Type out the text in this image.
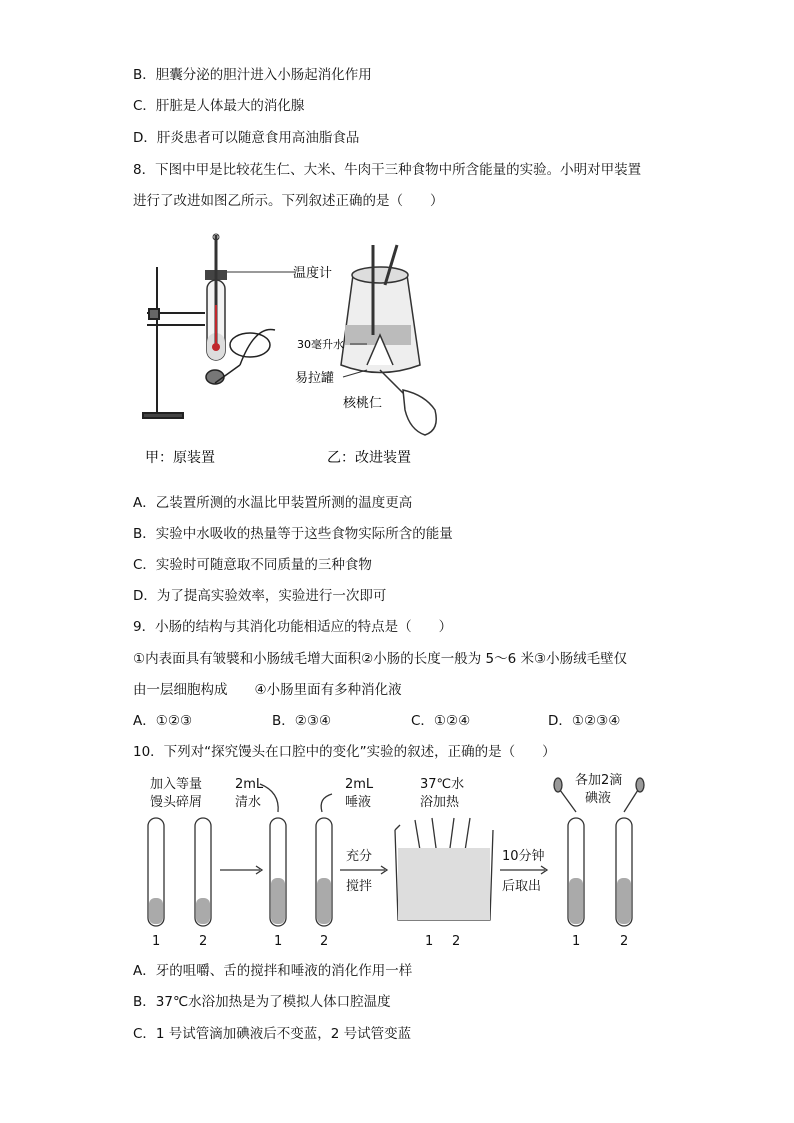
B．胆囊分泌的胆汁进入小肠起消化作用
C．肝脏是人体最大的消化腺
D．肝炎患者可以随意食用高油脂食品
8．下图中甲是比较花生仁、大米、牛肉干三种食物中所含能量的实验。小明对甲装置
进行了改进如图乙所示。下列叙述正确的是（　　）
温度计
30毫升水
易拉罐
核桃仁
甲：原装置	乙：改进装置
A．乙装置所测的水温比甲装置所测的温度更高
B．实验中水吸收的热量等于这些食物实际所含的能量
C．实验时可随意取不同质量的三种食物
D．为了提高实验效率，实验进行一次即可
9．小肠的结构与其消化功能相适应的特点是（　　）
①内表面具有皱襞和小肠绒毛增大面积②小肠的长度一般为 5～6 米③小肠绒毛壁仅
由一层细胞构成　　④小肠里面有多种消化液
A．①②③	B．②③④	C．①②④	D．①②③④
10．下列对“探究馒头在口腔中的变化”实验的叙述，正确的是（　　）
加入等量
馒头碎屑
2mL
清水
2mL
唾液
充分
搅拌
37℃水
浴加热
10分钟
后取出
各加2滴
碘液
1	2	1	2	1 2	1	2
A．牙的咀嚼、舌的搅拌和唾液的消化作用一样
B．37℃水浴加热是为了模拟人体口腔温度
C．1 号试管滴加碘液后不变蓝，2 号试管变蓝
